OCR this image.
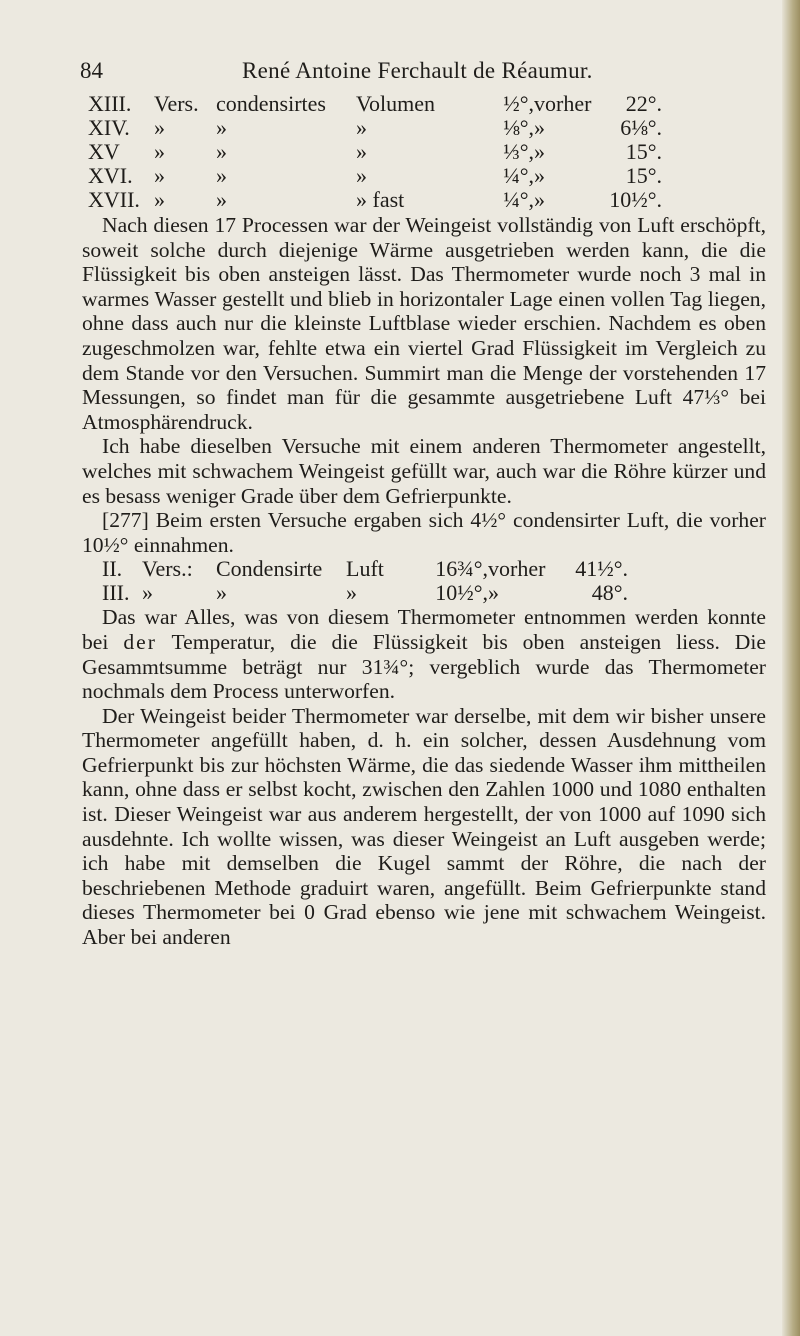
84	René Antoine Ferchault de Réaumur.
XIII.	Vers.	condensirtes	Volumen	½°,	vorher	22°.
XIV.	»	»	»	⅛°,	»	6⅛°.
XV	»	»	»	⅓°,	»	15°.
XVI.	»	»	»	¼°,	»	15°.
XVII.	»	»	» fast	¼°,	»	10½°.

Nach diesen 17 Processen war der Weingeist vollständig von Luft erschöpft, soweit solche durch diejenige Wärme ausgetrieben werden kann, die die Flüssigkeit bis oben ansteigen lässt. Das Thermometer wurde noch 3 mal in warmes Wasser gestellt und blieb in horizontaler Lage einen vollen Tag liegen, ohne dass auch nur die kleinste Luftblase wieder erschien. Nachdem es oben zugeschmolzen war, fehlte etwa ein viertel Grad Flüssigkeit im Vergleich zu dem Stande vor den Versuchen. Summirt man die Menge der vorstehenden 17 Messungen, so findet man für die gesammte ausgetriebene Luft 47⅓° bei Atmosphärendruck.

Ich habe dieselben Versuche mit einem anderen Thermometer angestellt, welches mit schwachem Weingeist gefüllt war, auch war die Röhre kürzer und es besass weniger Grade über dem Gefrierpunkte.

[277] Beim ersten Versuche ergaben sich 4½° condensirter Luft, die vorher 10½° einnahmen.

II.	Vers.:	Condensirte	Luft	16¾°,	vorher	41½°.
III.	»	»	»	10½°,	»	48°.

Das war Alles, was von diesem Thermometer entnommen werden konnte bei der Temperatur, die die Flüssigkeit bis oben ansteigen liess. Die Gesammtsumme beträgt nur 31¾°; vergeblich wurde das Thermometer nochmals dem Process unterworfen.

Der Weingeist beider Thermometer war derselbe, mit dem wir bisher unsere Thermometer angefüllt haben, d. h. ein solcher, dessen Ausdehnung vom Gefrierpunkt bis zur höchsten Wärme, die das siedende Wasser ihm mittheilen kann, ohne dass er selbst kocht, zwischen den Zahlen 1000 und 1080 enthalten ist. Dieser Weingeist war aus anderem hergestellt, der von 1000 auf 1090 sich ausdehnte. Ich wollte wissen, was dieser Weingeist an Luft ausgeben werde; ich habe mit demselben die Kugel sammt der Röhre, die nach der beschriebenen Methode graduirt waren, angefüllt. Beim Gefrierpunkte stand dieses Thermometer bei 0 Grad ebenso wie jene mit schwachem Weingeist. Aber bei anderen
